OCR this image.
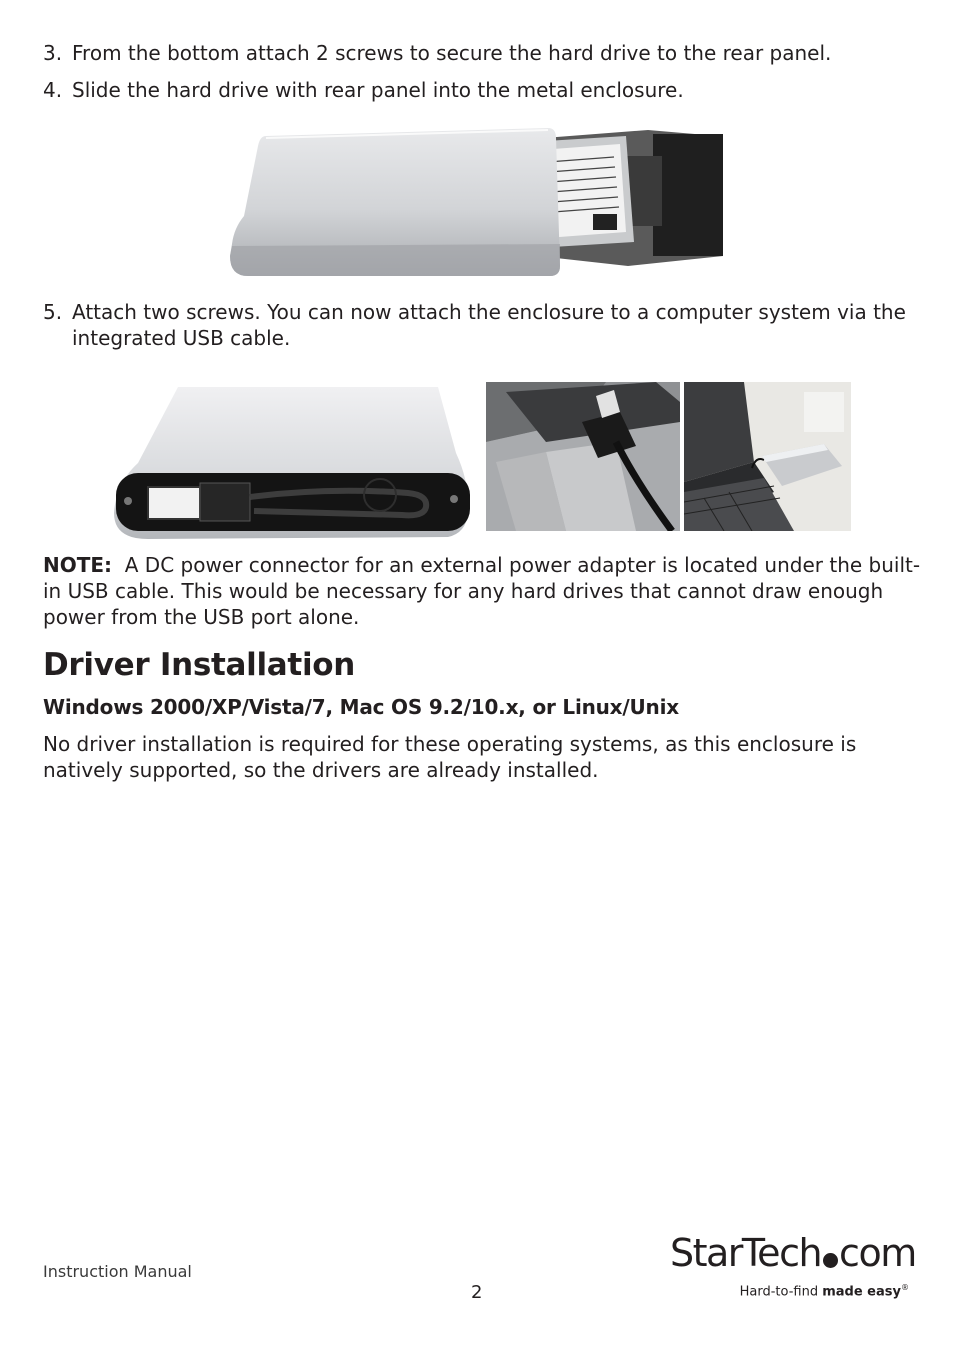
3. From the bottom attach 2 screws to secure the hard drive to the rear panel.
4. Slide the hard drive with rear panel into the metal enclosure.
5. Attach two screws. You can now attach the enclosure to a computer system via the
integrated USB cable.
NOTE:  A DC power connector for an external power adapter is located under the built-
in USB cable. This would be necessary for any hard drives that cannot draw enough
power from the USB port alone.
Driver Installation
Windows 2000/XP/Vista/7, Mac OS 9.2/10.x, or Linux/Unix
No driver installation is required for these operating systems, as this enclosure is
natively supported, so the drivers are already installed.
Instruction Manual
2
StarTech com
Hard-to-find made easy®
